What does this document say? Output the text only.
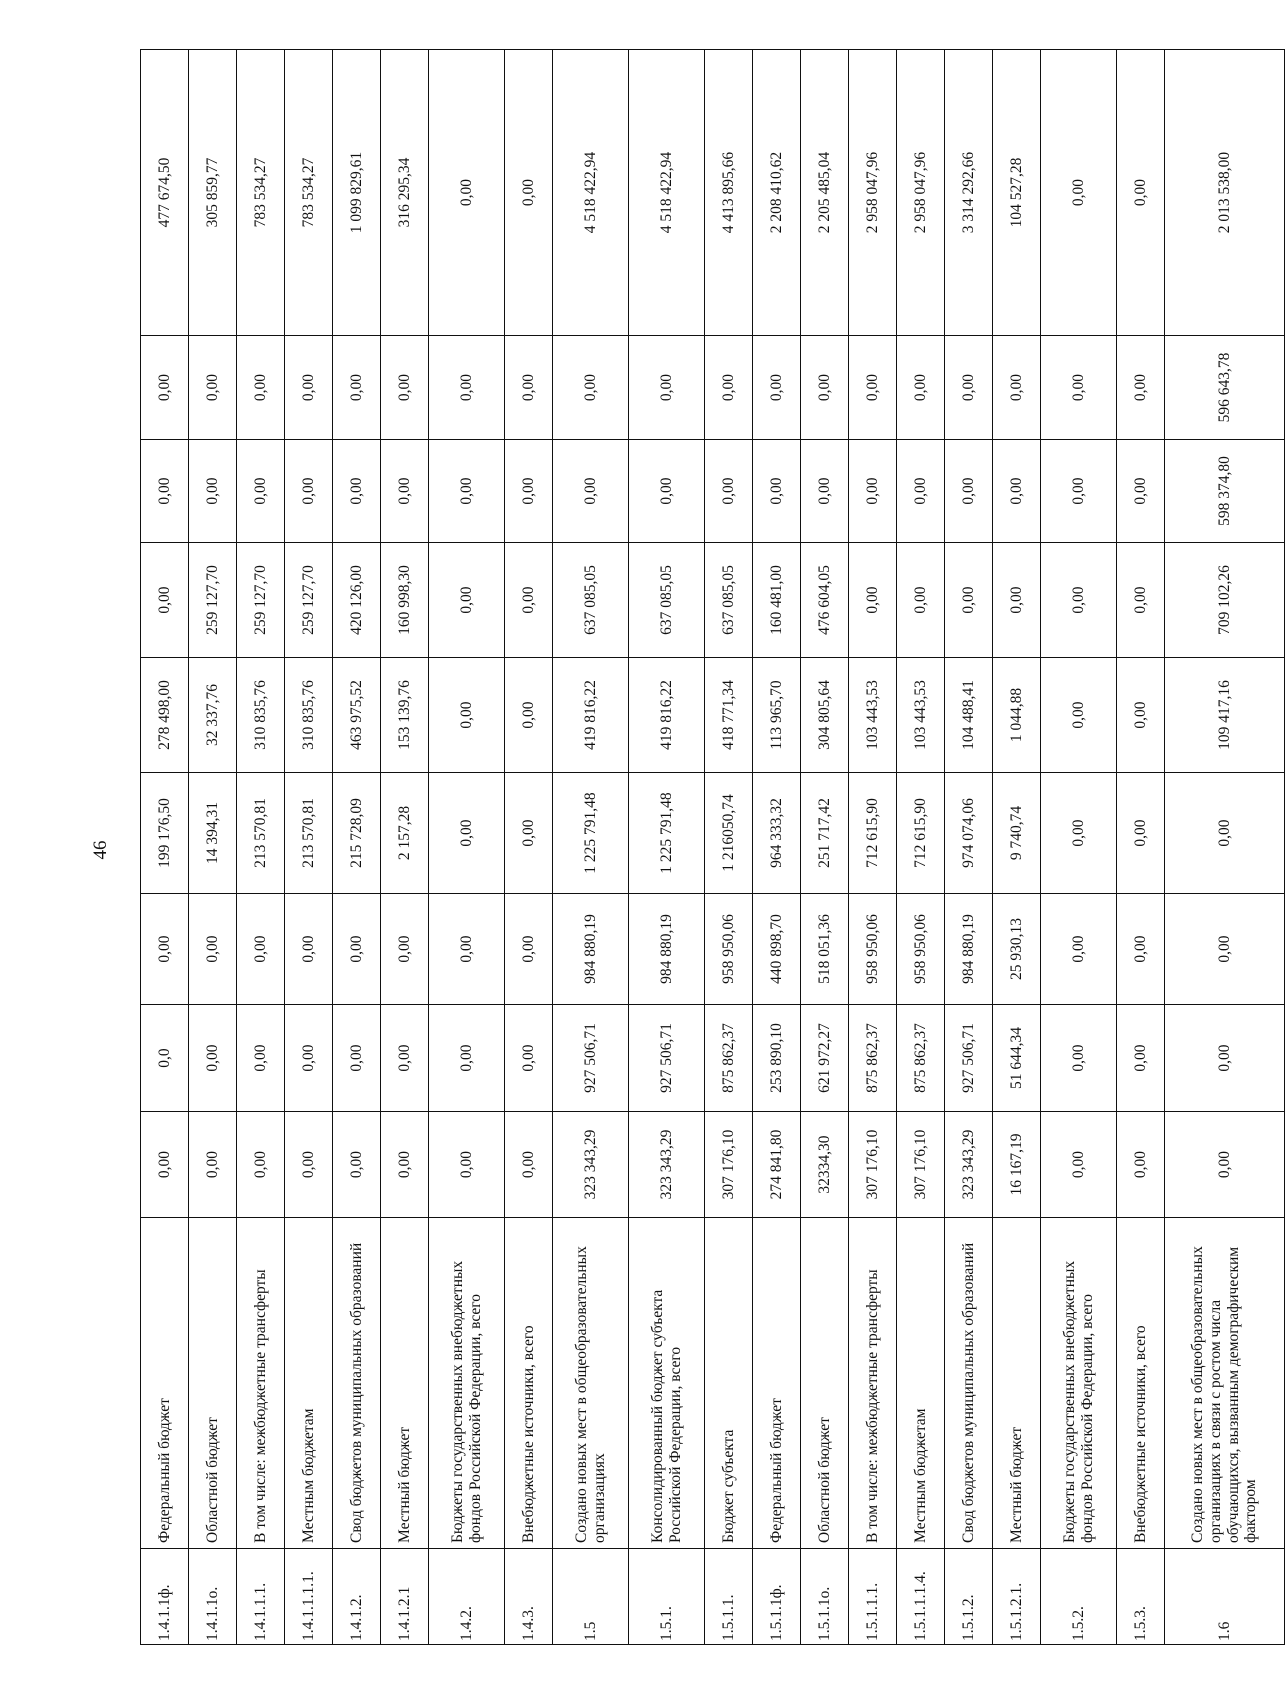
46
1.4.1.1ф.	Федеральный бюджет	0,00	0,0	0,00	199 176,50	278 498,00	0,00	0,00	0,00	477 674,50
1.4.1.1о.	Областной бюджет	0,00	0,00	0,00	14 394,31	32 337,76	259 127,70	0,00	0,00	305 859,77
1.4.1.1.1.	В том числе: межбюджетные трансферты	0,00	0,00	0,00	213 570,81	310 835,76	259 127,70	0,00	0,00	783 534,27
1.4.1.1.1.1.	Местным бюджетам	0,00	0,00	0,00	213 570,81	310 835,76	259 127,70	0,00	0,00	783 534,27
1.4.1.2.	Свод бюджетов муниципальных образований	0,00	0,00	0,00	215 728,09	463 975,52	420 126,00	0,00	0,00	1 099 829,61
1.4.1.2.1	Местный бюджет	0,00	0,00	0,00	2 157,28	153 139,76	160 998,30	0,00	0,00	316 295,34
1.4.2.	Бюджеты государственных внебюджетных фондов Российской Федерации, всего	0,00	0,00	0,00	0,00	0,00	0,00	0,00	0,00	0,00
1.4.3.	Внебюджетные источники, всего	0,00	0,00	0,00	0,00	0,00	0,00	0,00	0,00	0,00
1.5	Создано новых мест в общеобразовательных организациях	323 343,29	927 506,71	984 880,19	1 225 791,48	419 816,22	637 085,05	0,00	0,00	4 518 422,94
1.5.1.	Консолидированный бюджет субъекта Российской Федерации, всего	323 343,29	927 506,71	984 880,19	1 225 791,48	419 816,22	637 085,05	0,00	0,00	4 518 422,94
1.5.1.1.	Бюджет субъекта	307 176,10	875 862,37	958 950,06	1 216050,74	418 771,34	637 085,05	0,00	0,00	4 413 895,66
1.5.1.1ф.	Федеральный бюджет	274 841,80	253 890,10	440 898,70	964 333,32	113 965,70	160 481,00	0,00	0,00	2 208 410,62
1.5.1.1о.	Областной бюджет	32334,30	621 972,27	518 051,36	251 717,42	304 805,64	476 604,05	0,00	0,00	2 205 485,04
1.5.1.1.1.	В том числе: межбюджетные трансферты	307 176,10	875 862,37	958 950,06	712 615,90	103 443,53	0,00	0,00	0,00	2 958 047,96
1.5.1.1.1.4.	Местным бюджетам	307 176,10	875 862,37	958 950,06	712 615,90	103 443,53	0,00	0,00	0,00	2 958 047,96
1.5.1.2.	Свод бюджетов муниципальных образований	323 343,29	927 506,71	984 880,19	974 074,06	104 488,41	0,00	0,00	0,00	3 314 292,66
1.5.1.2.1.	Местный бюджет	16 167,19	51 644,34	25 930,13	9 740,74	1 044,88	0,00	0,00	0,00	104 527,28
1.5.2.	Бюджеты государственных внебюджетных фондов Российской Федерации, всего	0,00	0,00	0,00	0,00	0,00	0,00	0,00	0,00	0,00
1.5.3.	Внебюджетные источники, всего	0,00	0,00	0,00	0,00	0,00	0,00	0,00	0,00	0,00
1.6	Создано новых мест в общеобразовательных организациях в связи с ростом числа обучающихся, вызванным демографическим фактором	0,00	0,00	0,00	0,00	109 417,16	709 102,26	598 374,80	596 643,78	2 013 538,00
